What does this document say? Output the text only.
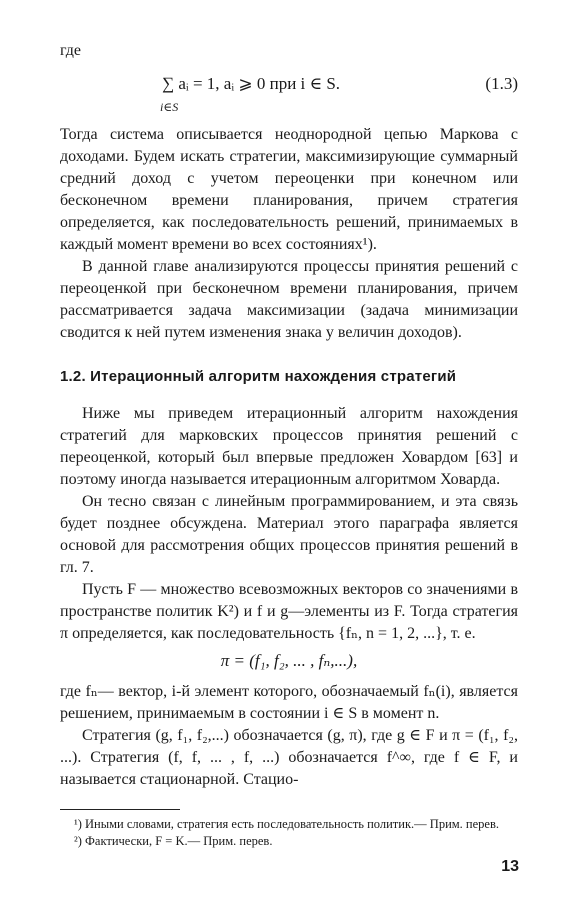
где

∑ aᵢ = 1, aᵢ ⩾ 0 при i ∈ S.
i∈S
(1.3)

Тогда система описывается неоднородной цепью Маркова с доходами. Будем искать стратегии, максимизирующие суммарный средний доход с учетом переоценки при конечном или бесконечном времени планирования, причем стратегия определяется, как последовательность решений, принимаемых в каждый момент времени во всех состояниях¹).

В данной главе анализируются процессы принятия решений с переоценкой при бесконечном времени планирования, причем рассматривается задача максимизации (задача минимизации сводится к ней путем изменения знака у величин доходов).

1.2. Итерационный алгоритм нахождения стратегий

Ниже мы приведем итерационный алгоритм нахождения стратегий для марковских процессов принятия решений с переоценкой, который был впервые предложен Ховардом [63] и поэтому иногда называется итерационным алгоритмом Ховарда.

Он тесно связан с линейным программированием, и эта связь будет позднее обсуждена. Материал этого параграфа является основой для рассмотрения общих процессов принятия решений в гл. 7.

Пусть F — множество всевозможных векторов со значениями в пространстве политик K²) и f и g—элементы из F. Тогда стратегия π определяется, как последовательность {fₙ, n = 1, 2, ...}, т. е.

π = (f₁, f₂, ... , fₙ,...),

где fₙ— вектор, i-й элемент которого, обозначаемый fₙ(i), является решением, принимаемым в состоянии i ∈ S в момент n.

Стратегия (g, f₁, f₂,...) обозначается (g, π), где g ∈ F и π = (f₁, f₂, ...). Стратегия (f, f, ... , f, ...) обозначается f^∞, где f ∈ F, и называется стационарной. Стацио-

¹) Иными словами, стратегия есть последовательность политик.— Прим. перев.

²) Фактически, F = K.— Прим. перев.

13
